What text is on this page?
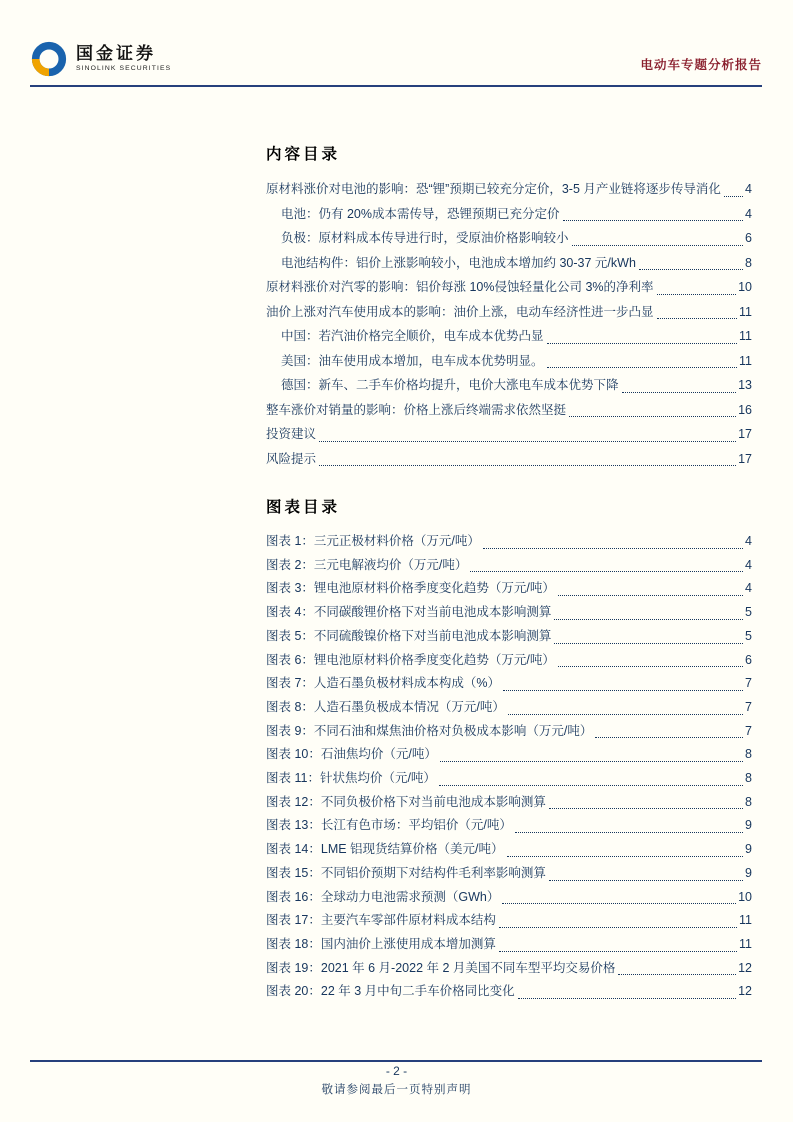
国金证券
SINOLINK SECURITIES	电动车专题分析报告
内容目录
原材料涨价对电池的影响：恐“锂”预期已较充分定价，3-5 月产业链将逐步传导消化 4
电池：仍有 20%成本需传导，恐锂预期已充分定价	4
负极：原材料成本传导进行时，受原油价格影响较小	6
电池结构件：铝价上涨影响较小，电池成本增加约 30-37 元/kWh	8
原材料涨价对汽零的影响：铝价每涨 10%侵蚀轻量化公司 3%的净利率	10
油价上涨对汽车使用成本的影响：油价上涨，电动车经济性进一步凸显	11
中国：若汽油价格完全顺价，电车成本优势凸显	11
美国：油车使用成本增加，电车成本优势明显。	11
德国：新车、二手车价格均提升，电价大涨电车成本优势下降	13
整车涨价对销量的影响：价格上涨后终端需求依然坚挺	16
投资建议	17
风险提示	17
图表目录
图表 1：三元正极材料价格（万元/吨）	4
图表 2：三元电解液均价（万元/吨）	4
图表 3：锂电池原材料价格季度变化趋势（万元/吨）	4
图表 4：不同碳酸锂价格下对当前电池成本影响测算	5
图表 5：不同硫酸镍价格下对当前电池成本影响测算	5
图表 6：锂电池原材料价格季度变化趋势（万元/吨）	6
图表 7：人造石墨负极材料成本构成（%）	7
图表 8：人造石墨负极成本情况（万元/吨）	7
图表 9：不同石油和煤焦油价格对负极成本影响（万元/吨）	7
图表 10：石油焦均价（元/吨）	8
图表 11：针状焦均价（元/吨）	8
图表 12：不同负极价格下对当前电池成本影响测算	8
图表 13：长江有色市场：平均铝价（元/吨）	9
图表 14：LME 铝现货结算价格（美元/吨）	9
图表 15：不同铝价预期下对结构件毛利率影响测算	9
图表 16：全球动力电池需求预测（GWh）	10
图表 17：主要汽车零部件原材料成本结构	11
图表 18：国内油价上涨使用成本增加测算	11
图表 19：2021 年 6 月-2022 年 2 月美国不同车型平均交易价格	12
图表 20：22 年 3 月中旬二手车价格同比变化	12
- 2 -
敬请参阅最后一页特别声明
